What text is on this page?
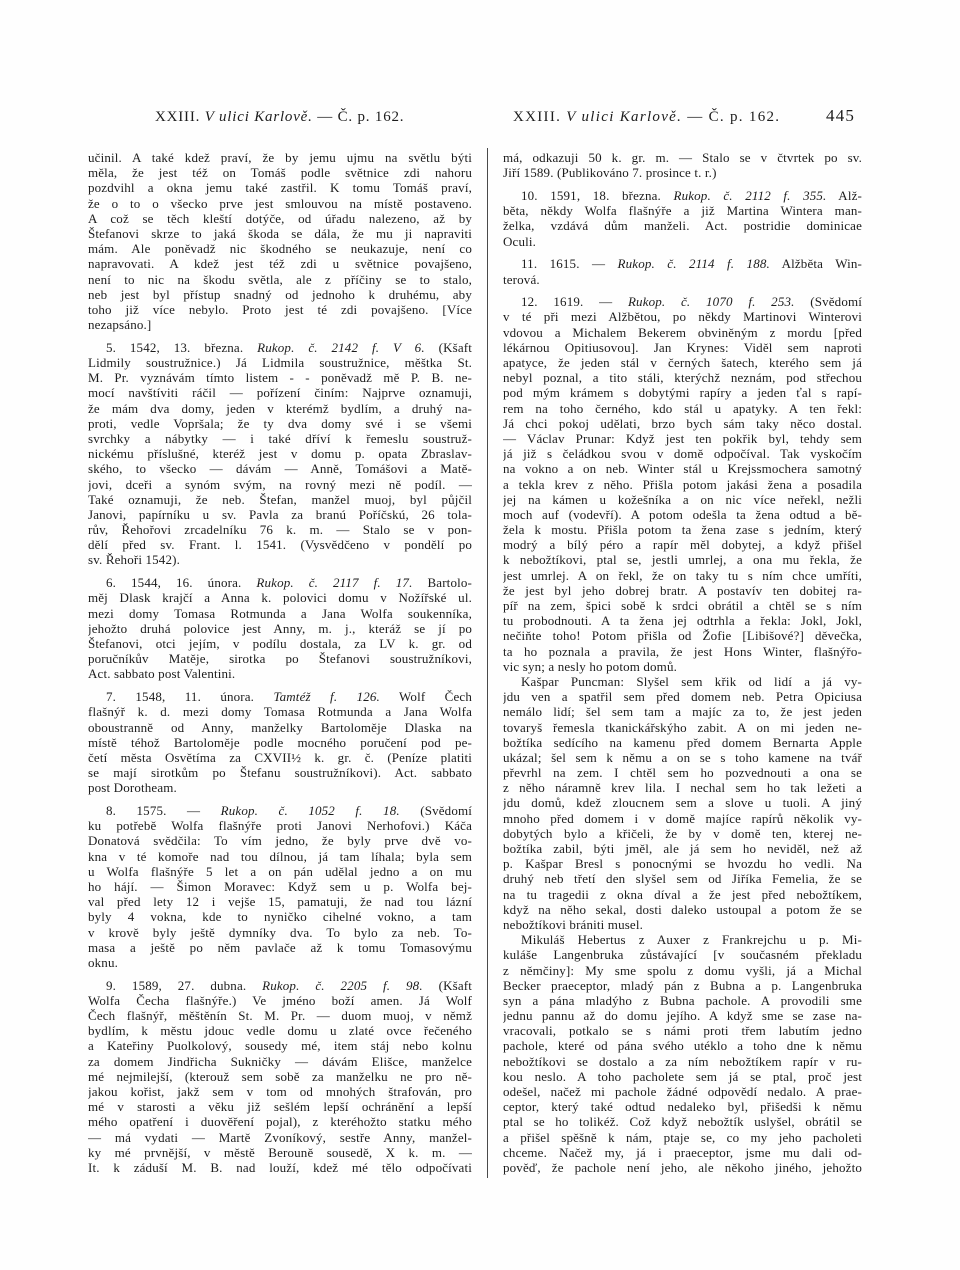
XXIII. V ulici Karlově. — Č. p. 162.	XXIII. V ulici Karlově. — Č. p. 162.	445
učinil. A také kdež praví, že by jemu ujmu na světlu býti
měla, že jest též on Tomáš podle světnice zdi nahoru
pozdvihl a okna jemu také zastřil. K tomu Tomáš praví,
že o to o všecko prve jest smlouvou na místě postaveno.
A což se těch kleští dotýče, od úřadu nalezeno, až by
Štefanovi skrze to jaká škoda se dála, že mu ji napraviti
mám. Ale poněvadž nic škodného se neukazuje, není co
napravovati. A kdež jest též zdi u světnice povajšeno,
není to nic na škodu světla, ale z příčiny se to stalo,
neb jest byl přístup snadný od jednoho k druhému, aby
toho již více nebylo. Proto jest té zdi povajšeno. [Více
nezapsáno.]
5. 1542, 13. března. Rukop. č. 2142 f. V 6. (Kšaft
Lidmily soustružnice.) Já Lidmila soustružnice, měštka St.
M. Pr. vyznávám tímto listem - - poněvadž mě P. B. ne-
mocí navštíviti ráčil — pořízení činím: Najprve oznamuji,
že mám dva domy, jeden v kterémž bydlím, a druhý na-
proti, vedle Vopršala; že ty dva domy své i se všemi
svrchky a nábytky — i také dříví k řemeslu soustruž-
nickému příslušné, kteréž jest v domu p. opata Zbraslav-
ského, to všecko — dávám — Anně, Tomášovi a Matě-
jovi, dceři a synóm svým, na rovný mezi ně podíl. —
Také oznamuji, že neb. Štefan, manžel muoj, byl půjčil
Janovi, papírníku u sv. Pavla za branú Poříčskú, 26 tola-
rův, Řehořovi zrcadelníku 76 k. m. — Stalo se v pon-
dělí před sv. Frant. l. 1541. (Vysvědčeno v pondělí po
sv. Řehoři 1542).
6. 1544, 16. února. Rukop. č. 2117 f. 17. Bartolo-
měj Dlask krajčí a Anna k. polovici domu v Nožířské ul.
mezi domy Tomasa Rotmunda a Jana Wolfa soukenníka,
jehožto druhá polovice jest Anny, m. j., kteráž se jí po
Štefanovi, otci jejím, v podílu dostala, za LV k. gr. od
poručníkův Matěje, sirotka po Štefanovi soustružníkovi,
Act. sabbato post Valentini.
7. 1548, 11. února. Tamtéž f. 126. Wolf Čech
flašnýř k. d. mezi domy Tomasa Rotmunda a Jana Wolfa
oboustranně od Anny, manželky Bartoloměje Dlaska na
místě téhož Bartoloměje podle mocného poručení pod pe-
četí města Osvětíma za CXVII½ k. gr. č. (Peníze platiti
se mají sirotkům po Štefanu soustružníkovi). Act. sabbato
post Dorotheam.
8. 1575. — Rukop. č. 1052 f. 18. (Svědomí
ku potřebě Wolfa flašnýře proti Janovi Nerhofovi.) Káča
Donatová svědčila: To vím jedno, že byly prve dvě vo-
kna v té komoře nad tou dílnou, já tam líhala; byla sem
u Wolfa flašnýře 5 let a on pán udělal jedno a on mu
ho hájí. — Šimon Moravec: Když sem u p. Wolfa bej-
val před lety 12 i vejše 15, pamatuji, že nad tou lázní
byly 4 vokna, kde to nyničko cihelné vokno, a tam
v krově byly ještě dymníky dva. To bylo za neb. To-
masa a ještě po něm pavlače až k tomu Tomasovýmu
oknu.
9. 1589, 27. dubna. Rukop. č. 2205 f. 98. (Kšaft
Wolfa Čecha flašnýře.) Ve jméno boží amen. Já Wolf
Čech flašnýř, měštěnín St. M. Pr. — duom muoj, v němž
bydlím, k městu jdouc vedle domu u zlaté ovce řečeného
a Kateřiny Puolkolový, sousedy mé, item stáj nebo kolnu
za domem Jindřicha Sukničky — dávám Elišce, manželce
mé nejmilejší, (kterouž sem sobě za manželku ne pro ně-
jakou kořist, jakž sem v tom od mnohých štrafován, pro
mé v starosti a věku již sešlém lepší ochránění a lepší
mého opatření i duověření pojal), z kteréhožto statku mého
— má vydati — Martě Zvoníkový, sestře Anny, manžel-
ky mé prvnější, v městě Berouně sousedě, X k. m. —
It. k záduší M. B. nad louží, kdež mé tělo odpočívati
má, odkazuji 50 k. gr. m. — Stalo se v čtvrtek po sv.
Jiří 1589. (Publikováno 7. prosince t. r.)
10. 1591, 18. března. Rukop. č. 2112 f. 355. Alž-
běta, někdy Wolfa flašnýře a již Martina Wintera man-
želka, vzdává dům manželi. Act. postridie dominicae
Oculi.
11. 1615. — Rukop. č. 2114 f. 188. Alžběta Win-
terová.
12. 1619. — Rukop. č. 1070 f. 253. (Svědomí
v té při mezi Alžbětou, po někdy Martinovi Winterovi
vdovou a Michalem Bekerem obviněným z mordu [před
lékárnou Opitiusovou]. Jan Krynes: Viděl sem naproti
apatyce, že jeden stál v černých šatech, kterého sem já
nebyl poznal, a tito stáli, kterýchž neznám, pod střechou
pod mým krámem s dobytými rapíry a jeden ťal s rapí-
rem na toho černého, kdo stál u apatyky. A ten řekl:
Já chci pokoj udělati, brzo bych sám taky něco dostal.
— Václav Prunar: Když jest ten pokřik byl, tehdy sem
já již s čeládkou svou v domě odpočíval. Tak vyskočím
na vokno a on neb. Winter stál u Krejssmochera samotný
a tekla krev z něho. Přišla potom jakási žena a posadila
jej na kámen u kožešníka a on nic více neřekl, nežli
moch auf (vodevří). A potom odešla ta žena odtud a bě-
žela k mostu. Přišla potom ta žena zase s jedním, který
modrý a bílý péro a rapír měl dobytej, a když přišel
k nebožtíkovi, ptal se, jestli umrlej, a ona mu řekla, že
jest umrlej. A on řekl, že on taky tu s ním chce umříti,
že jest byl jeho dobrej bratr. A postavív ten dobitej ra-
píř na zem, špici sobě k srdci obrátil a chtěl se s ním
tu probodnouti. A ta žena jej odtrhla a řekla: Jokl, Jokl,
nečiňte toho! Potom přišla od Žofie [Libišové?] děvečka,
ta ho poznala a pravila, že jest Hons Winter, flašnýřo-
vic syn; a nesly ho potom domů.
Kašpar Puncman: Slyšel sem křik od lidí a já vy-
jdu ven a spatřil sem před domem neb. Petra Opiciusa
nemálo lidí; šel sem tam a majíc za to, že jest jeden
tovaryš řemesla tkanickářskýho zabit. A on mi jeden ne-
božtíka sedícího na kamenu před domem Bernarta Apple
ukázal; šel sem k němu a on se s toho kamene na tvář
převrhl na zem. I chtěl sem ho pozvednouti a ona se
z něho náramně krev lila. I nechal sem ho tak ležeti a
jdu domů, kdež zloucnem sem a slove u tuoli. A jiný
mnoho před domem i v domě majíce rapírů několik vy-
dobytých bylo a křičeli, že by v domě ten, kterej ne-
božtíka zabil, býti jměl, ale já sem ho neviděl, než až
p. Kašpar Bresl s ponocnými se hvozdu ho vedli. Na
druhý neb třetí den slyšel sem od Jiříka Femelia, že se
na tu tragedii z okna díval a že jest před nebožtíkem,
když na něho sekal, dosti daleko ustoupal a potom že se
nebožtíkovi brániti musel.
Mikuláš Hebertus z Auxer z Frankrejchu u p. Mi-
kuláše Langenbruka zůstávající [v současném překladu
z němčiny]: My sme spolu z domu vyšli, já a Michal
Becker praeceptor, mladý pán z Bubna a p. Langenbruka
syn a pána mladýho z Bubna pachole. A provodili sme
jednu pannu až do domu jejího. A když sme se zase na-
vracovali, potkalo se s námi proti třem labutím jedno
pachole, které od pána svého utéklo a toho dne k němu
nebožtíkovi se dostalo a za ním nebožtíkem rapír v ru-
kou neslo. A toho pacholete sem já se ptal, proč jest
odešel, načež mi pachole žádné odpovědí nedalo. A prae-
ceptor, který také odtud nedaleko byl, přišedši k němu
ptal se ho tolikéž. Což když nebožtík uslyšel, obrátil se
a přišel spěšně k nám, ptaje se, co my jeho pacholeti
chceme. Načež my, já i praeceptor, jsme mu dali od-
pověď, že pachole není jeho, ale někoho jiného, jehožto
